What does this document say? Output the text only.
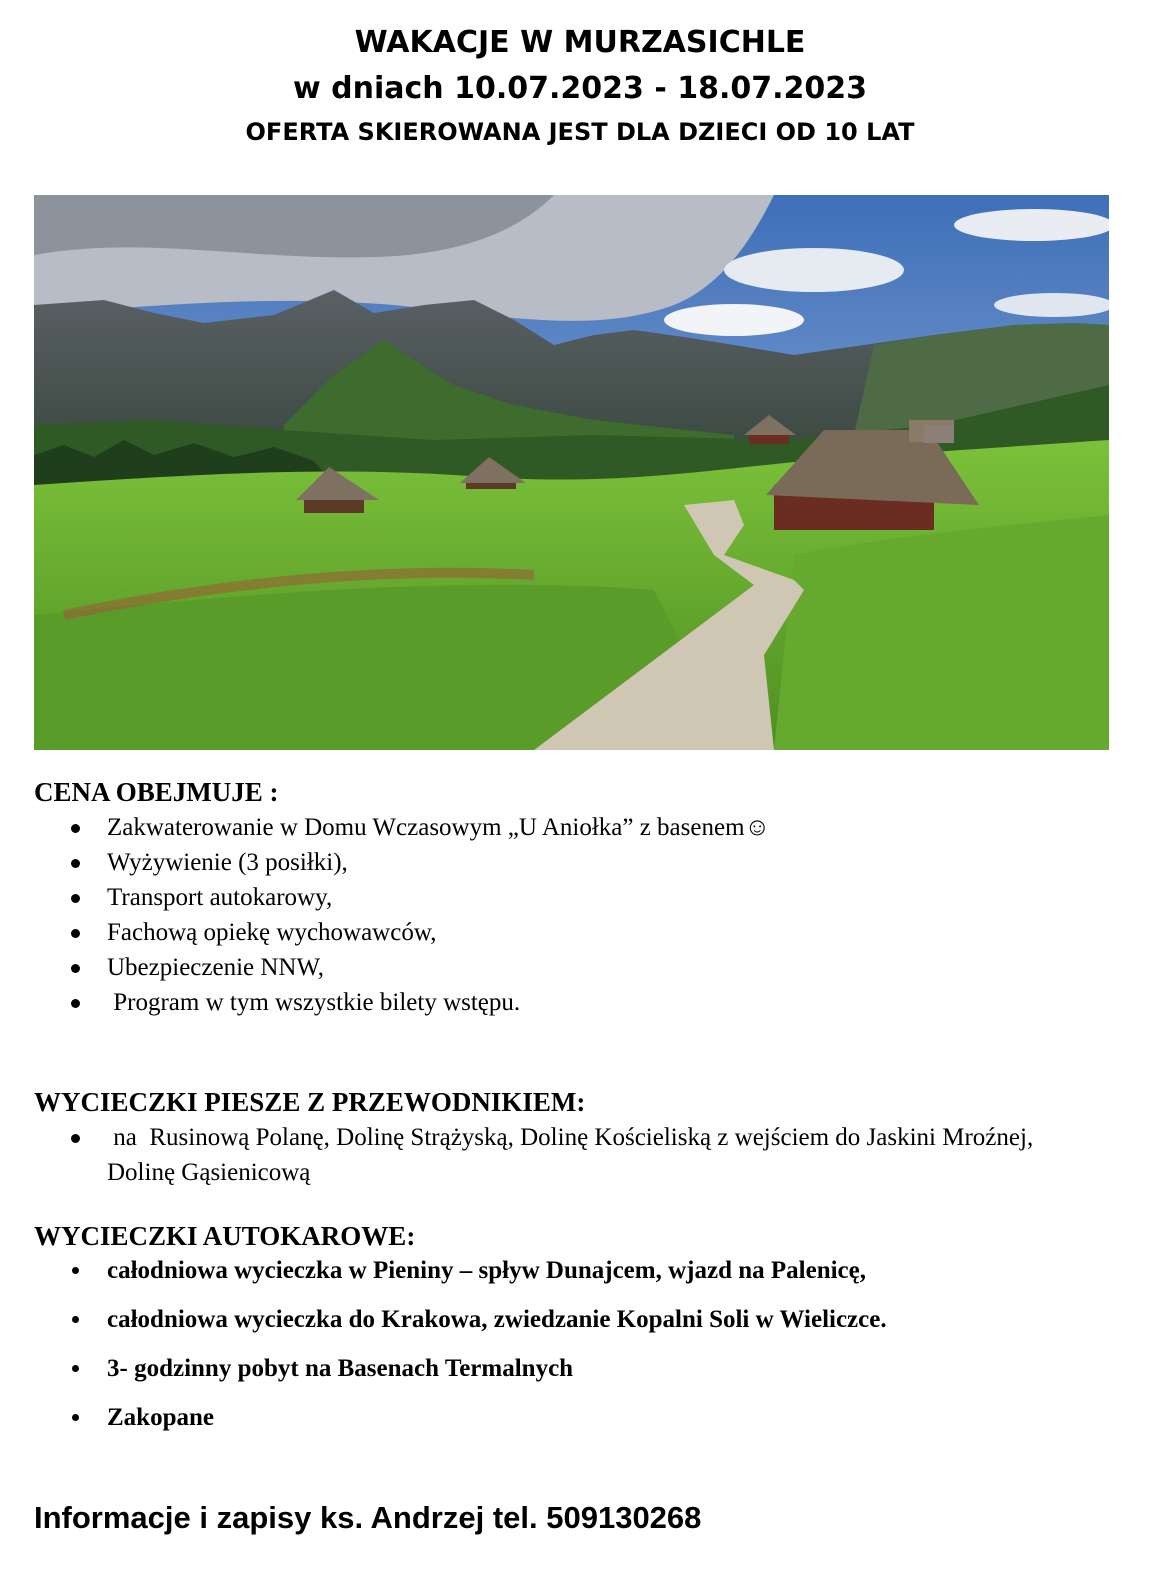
WAKACJE W MURZASICHLE
w dniach 10.07.2023 - 18.07.2023
OFERTA SKIEROWANA JEST DLA DZIECI OD 10 LAT
CENA OBEJMUJE :
Zakwaterowanie w Domu Wczasowym „U Aniołka” z basenem☺
Wyżywienie (3 posiłki),
Transport autokarowy,
Fachową opiekę wychowawców,
Ubezpieczenie NNW,
Program w tym wszystkie bilety wstępu.
WYCIECZKI PIESZE Z PRZEWODNIKIEM:
na  Rusinową Polanę, Dolinę Strążyską, Dolinę Kościeliską z wejściem do Jaskini Mroźnej, Dolinę Gąsienicową
WYCIECZKI AUTOKAROWE:
całodniowa wycieczka w Pieniny – spływ Dunajcem, wjazd na Palenicę,
całodniowa wycieczka do Krakowa, zwiedzanie Kopalni Soli w Wieliczce.
3- godzinny pobyt na Basenach Termalnych
Zakopane
Informacje i zapisy ks. Andrzej tel. 509130268
